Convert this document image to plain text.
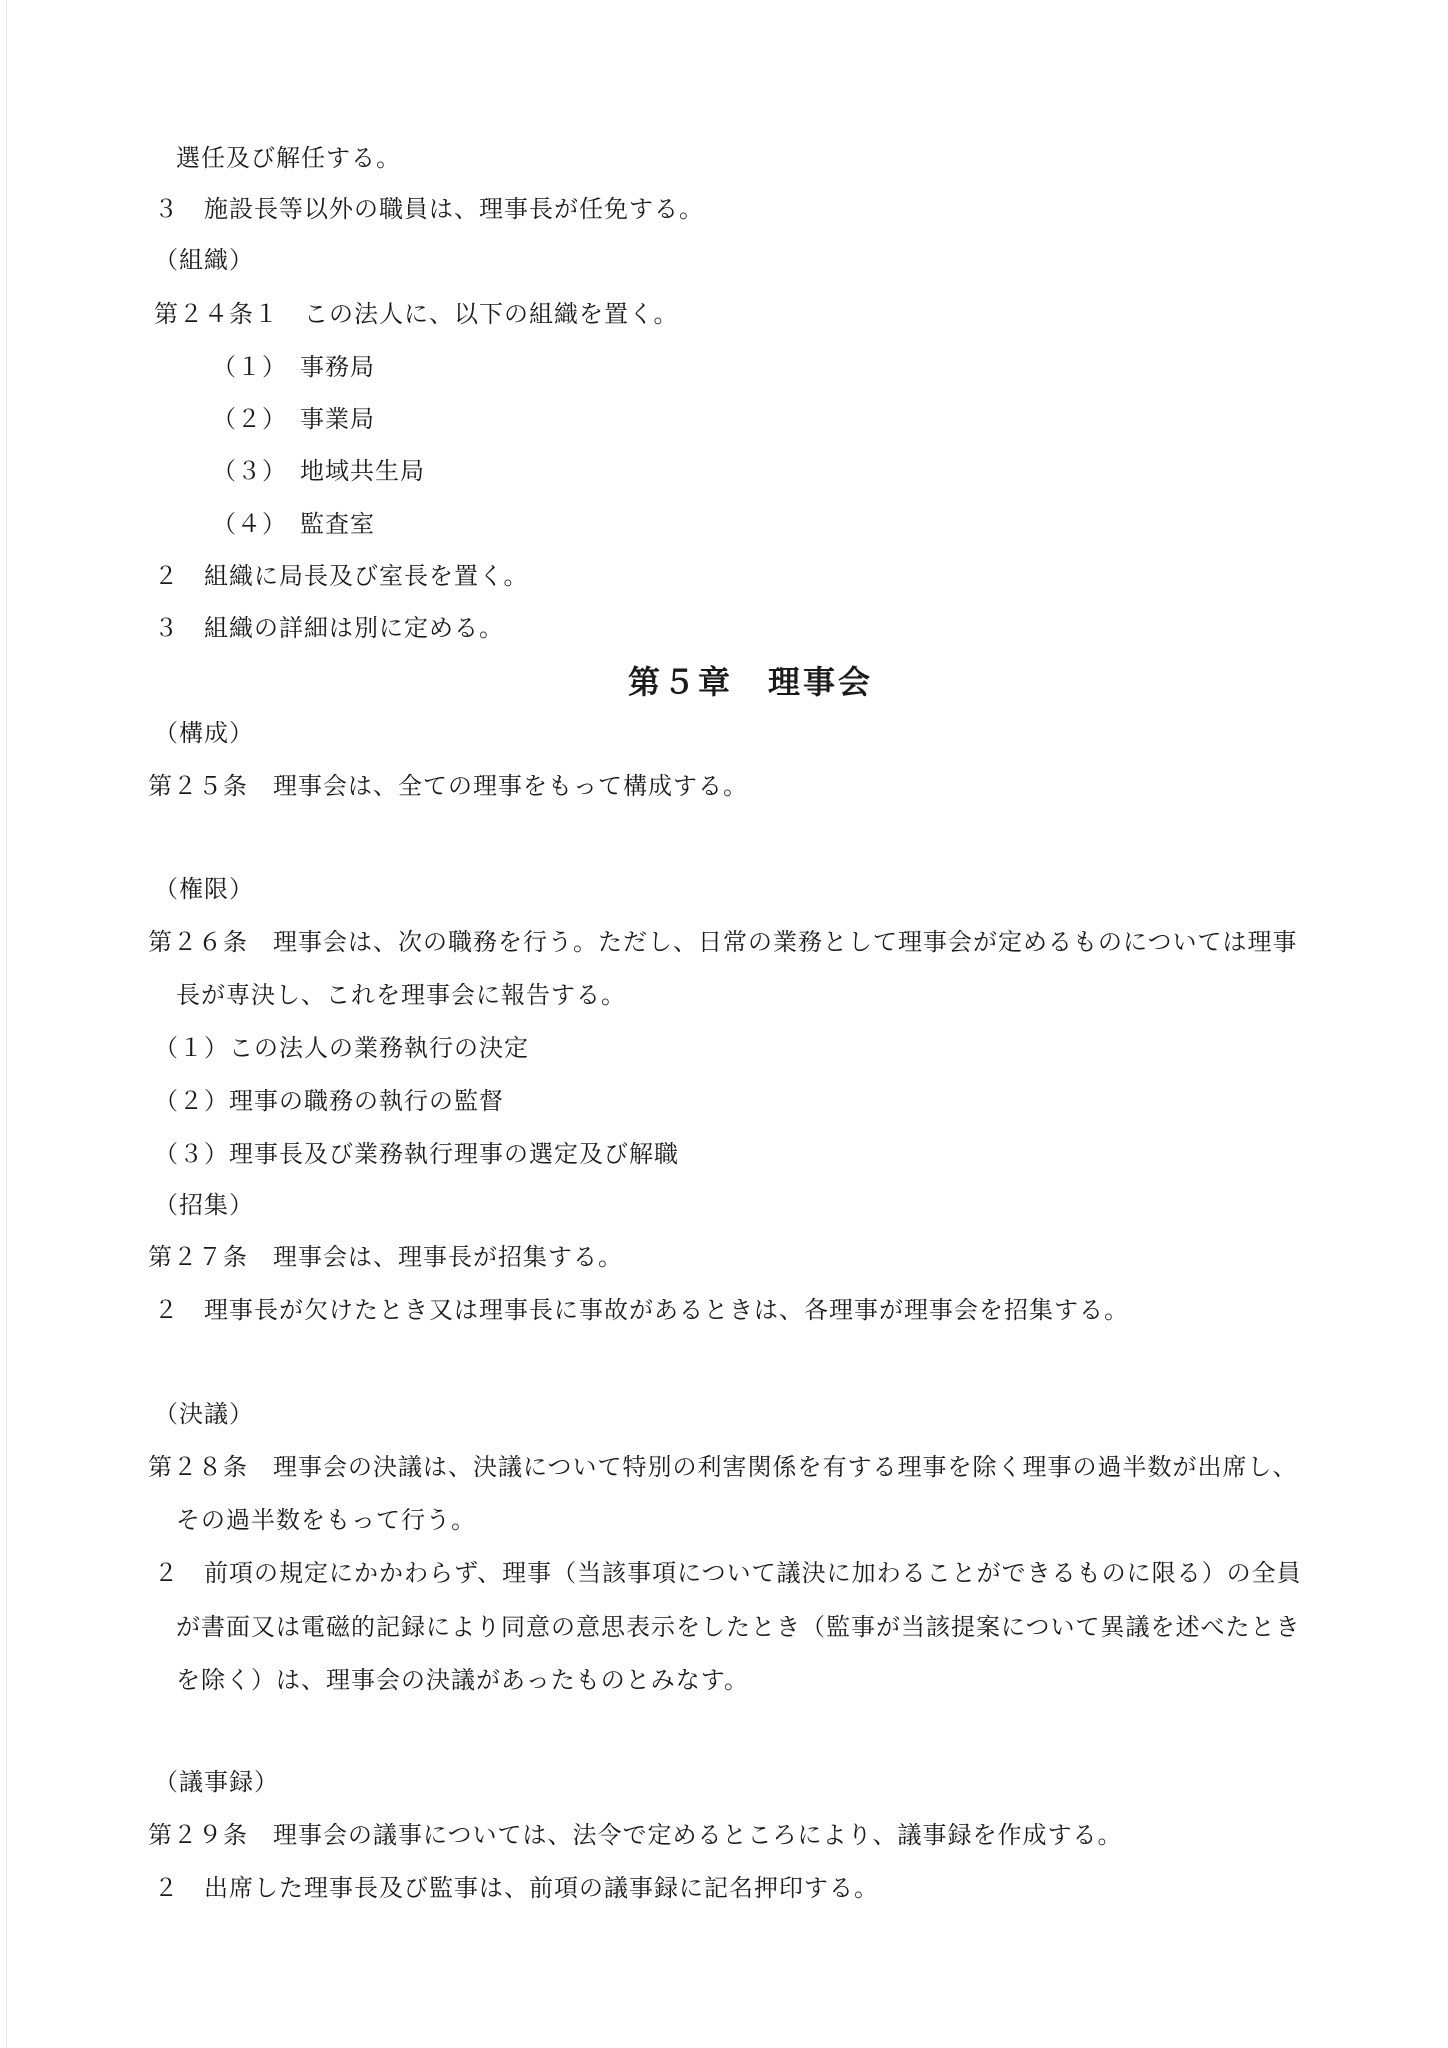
選任及び解任する。
３　施設長等以外の職員は、理事長が任免する。
（組織）
第２４条１　この法人に、以下の組織を置く。
（１）　事務局
（２）　事業局
（３）　地域共生局
（４）　監査室
２　組織に局長及び室長を置く。
３　組織の詳細は別に定める。
第５章　理事会
（構成）
第２５条　理事会は、全ての理事をもって構成する。
（権限）
第２６条　理事会は、次の職務を行う。ただし、日常の業務として理事会が定めるものについては理事
長が専決し、これを理事会に報告する。
（１）この法人の業務執行の決定
（２）理事の職務の執行の監督
（３）理事長及び業務執行理事の選定及び解職
（招集）
第２７条　理事会は、理事長が招集する。
２　理事長が欠けたとき又は理事長に事故があるときは、各理事が理事会を招集する。
（決議）
第２８条　理事会の決議は、決議について特別の利害関係を有する理事を除く理事の過半数が出席し、
その過半数をもって行う。
２　前項の規定にかかわらず、理事（当該事項について議決に加わることができるものに限る）の全員
が書面又は電磁的記録により同意の意思表示をしたとき（監事が当該提案について異議を述べたとき
を除く）は、理事会の決議があったものとみなす。
（議事録）
第２９条　理事会の議事については、法令で定めるところにより、議事録を作成する。
２　出席した理事長及び監事は、前項の議事録に記名押印する。
